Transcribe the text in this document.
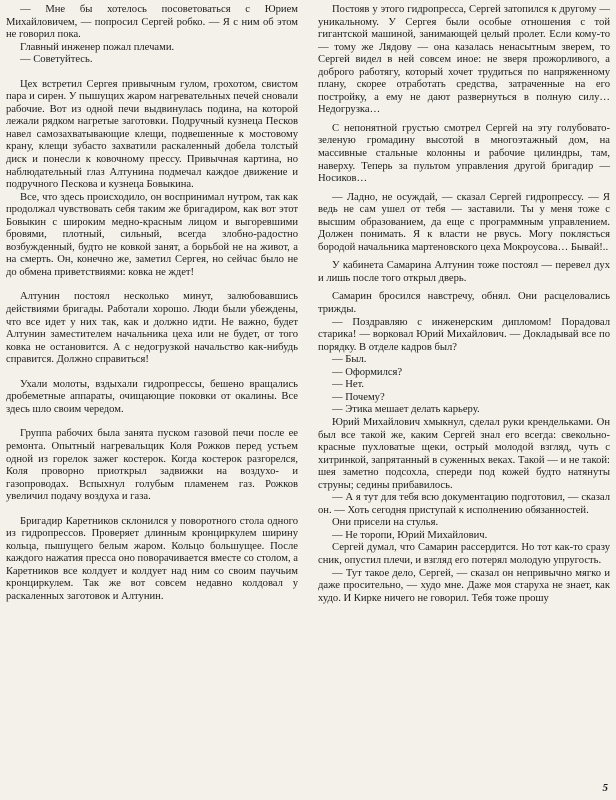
— Мне бы хотелось посоветоваться с Юрием Михайловичем, — попросил Сергей робко. — Я с ним об этом не говорил пока.

Главный инженер пожал плечами.

— Советуйтесь.

Цех встретил Сергея привычным гулом, грохотом, свистом пара и сирен. У пышущих жаром нагревательных печей сновали рабочие. Вот из одной печи выдвинулась подина, на которой лежали рядком нагретые заготовки. Подручный кузнеца Песков навел самозахватывающие клещи, подвешенные к мостовому крану, клещи зубасто захватили раскаленный добела толстый диск и понесли к ковочному прессу. Привычная картина, но наблюдательный глаз Алтунина подмечал каждое движение и подручного Пескова и кузнеца Бовыкина.

Все, что здесь происходило, он воспринимал нутром, так как продолжал чувствовать себя таким же бригадиром, как вот этот Бовыкин с широким медно-красным лицом и выгоревшими бровями, плотный, сильный, всегда злобно-радостно возбужденный, будто не ковкой занят, а борьбой не на живот, а на смерть. Он, конечно же, заметил Сергея, но сейчас было не до обмена приветствиями: ковка не ждет!

Алтунин постоял несколько минут, залюбовавшись действиями бригады. Работали хорошо. Люди были убеждены, что все идет у них так, как и должно идти. Не важно, будет Алтунин заместителем начальника цеха или не будет, от того ковка не остановится. А с недогрузкой начальство как-нибудь справится. Должно справиться!

Ухали молоты, вздыхали гидропрессы, бешено вращались дробеметные аппараты, очищающие поковки от окалины. Все здесь шло своим чередом.

Группа рабочих была занята пуском газовой печи после ее ремонта. Опытный нагревальщик Коля Рожков перед устьем одной из горелок зажег костерок. Когда костерок разгорелся, Коля проворно приоткрыл задвижки на воздухо- и газопроводах. Вспыхнул голубым пламенем газ. Рожков увеличил подачу воздуха и газа.

Бригадир Каретников склонился у поворотного стола одного из гидропрессов. Проверяет длинным кронциркулем ширину кольца, пышущего белым жаром. Кольцо большущее. После каждого нажатия пресса оно поворачивается вместе со столом, а Каретников все колдует и колдует над ним со своим паучьим кронциркулем. Так же вот совсем недавно колдовал у раскаленных заготовок и Алтунин.

Постояв у этого гидропресса, Сергей затопился к другому — уникальному. У Сергея были особые отношения с той гигантской машиной, занимающей целый пролет. Если кому-то — тому же Лядову — она казалась ненасытным зверем, то Сергей видел в ней совсем иное: не зверя прожорливого, а доброго работягу, который хочет трудиться по напряженному плану, скорее отработать средства, затраченные на его постройку, а ему не дают развернуться в полную силу… Недогрузка…

С непонятной грустью смотрел Сергей на эту голубовато-зеленую громадину высотой в многоэтажный дом, на массивные стальные колонны и рабочие цилиндры, там, наверху. Теперь за пультом управления другой бригадир — Носиков…

— Ладно, не осуждай, — сказал Сергей гидропрессу. — Я ведь не сам ушел от тебя — заставили. Ты у меня тоже с высшим образованием, да еще с программным управлением. Должен понимать. Я к власти не рвусь. Могу поклясться бородой начальника мартеновского цеха Мокроусова… Бывай!..

У кабинета Самарина Алтунин тоже постоял — перевел дух и лишь после того открыл дверь.

Самарин бросился навстречу, обнял. Они расцеловались трижды.

— Поздравляю с инженерским дипломом! Порадовал старика! — ворковал Юрий Михайлович. — Докладывай все по порядку. В отделе кадров был?

— Был.

— Оформился?

— Нет.

— Почему?

— Этика мешает делать карьеру.

Юрий Михайлович хмыкнул, сделал руки крендельками. Он был все такой же, каким Сергей знал его всегда: свекольно-красные пухловатые щеки, острый молодой взгляд, чуть с хитринкой, запрятанный в суженных веках. Такой — и не такой: шея заметно подсохла, спереди под кожей будто натянуты струны; седины прибавилось.

— А я тут для тебя всю документацию подготовил, — сказал он. — Хоть сегодня приступай к исполнению обязанностей.

Они присели на стулья.

— Не торопи, Юрий Михайлович.

Сергей думал, что Самарин рассердится. Но тот как-то сразу сник, опустил плечи, и взгляд его потерял молодую упругость.

— Тут такое дело, Сергей, — сказал он непривычно мягко и даже просительно, — худо мне. Даже моя старуха не знает, как худо. И Кирке ничего не говорил. Тебя тоже прошу

5
